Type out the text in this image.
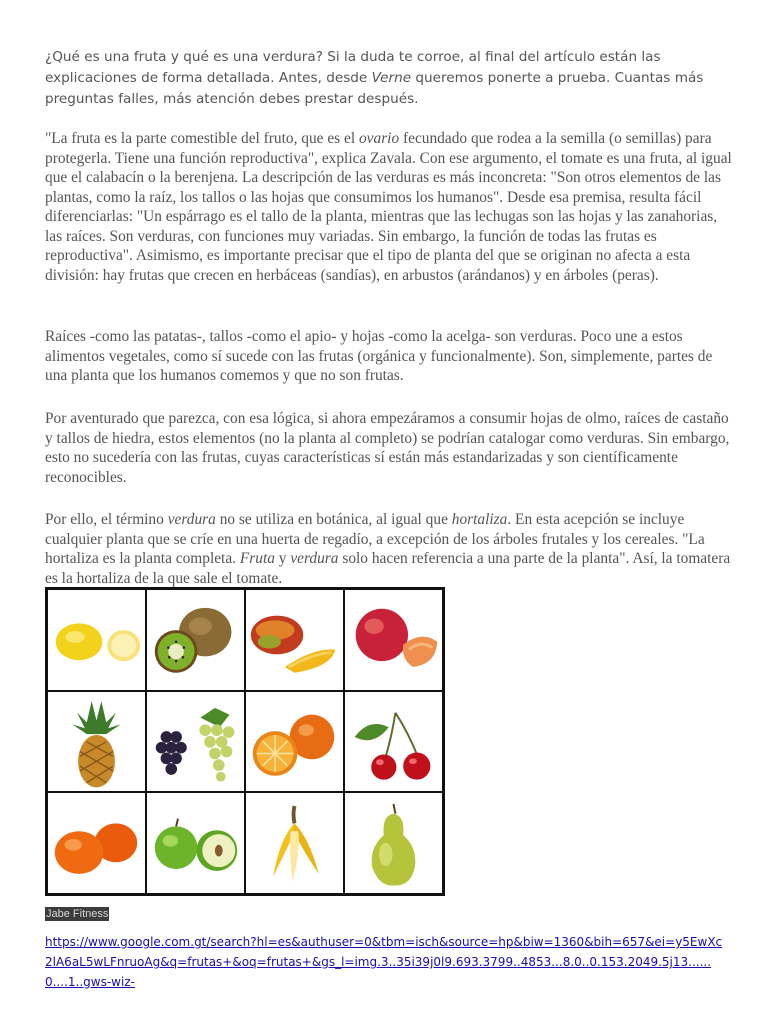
¿Qué es una fruta y qué es una verdura? Si la duda te corroe, al final del artículo están las explicaciones de forma detallada. Antes, desde Verne queremos ponerte a prueba. Cuantas más preguntas falles, más atención debes prestar después.

"La fruta es la parte comestible del fruto, que es el ovario fecundado que rodea a la semilla (o semillas) para protegerla. Tiene una función reproductiva", explica Zavala. Con ese argumento, el tomate es una fruta, al igual que el calabacín o la berenjena. La descripción de las verduras es más inconcreta: "Son otros elementos de las plantas, como la raíz, los tallos o las hojas que consumimos los humanos". Desde esa premisa, resulta fácil diferenciarlas: "Un espárrago es el tallo de la planta, mientras que las lechugas son las hojas y las zanahorias, las raíces. Son verduras, con funciones muy variadas. Sin embargo, la función de todas las frutas es reproductiva". Asimismo, es importante precisar que el tipo de planta del que se originan no afecta a esta división: hay frutas que crecen en herbáceas (sandías), en arbustos (arándanos) y en árboles (peras).

Raíces -como las patatas-, tallos -como el apio- y hojas -como la acelga- son verduras. Poco une a estos alimentos vegetales, como sí sucede con las frutas (orgánica y funcionalmente). Son, simplemente, partes de una planta que los humanos comemos y que no son frutas.

Por aventurado que parezca, con esa lógica, si ahora empezáramos a consumir hojas de olmo, raíces de castaño y tallos de hiedra, estos elementos (no la planta al completo) se podrían catalogar como verduras. Sin embargo, esto no sucedería con las frutas, cuyas características sí están más estandarizadas y son científicamente reconocibles.

Por ello, el término verdura no se utiliza en botánica, al igual que hortaliza. En esta acepción se incluye cualquier planta que se críe en una huerta de regadío, a excepción de los árboles frutales y los cereales. "La hortaliza es la planta completa. Fruta y verdura solo hacen referencia a una parte de la planta". Así, la tomatera es la hortaliza de la que sale el tomate.

Jabe Fitness
https://www.google.com.gt/search?hl=es&authuser=0&tbm=isch&source=hp&biw=1360&bih=657&ei=y5EwXc2lA6aL5wLFnruoAg&q=frutas+&oq=frutas+&gs_l=img.3..35i39j0l9.693.3799..4853...8.0..0.153.2049.5j13......0....1..gws-wiz-
